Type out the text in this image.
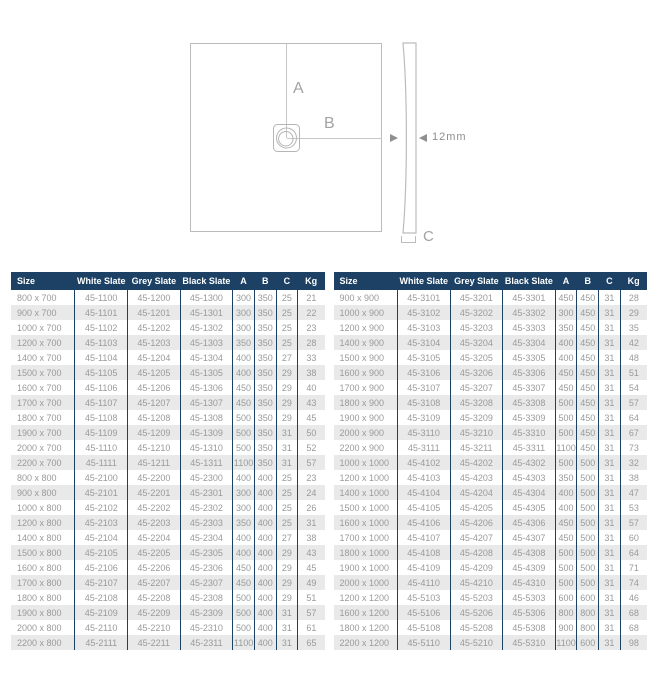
A
B
12mm
C
Size	White Slate	Grey Slate	Black Slate	A	B	C	Kg
800 x 700	45-1100	45-1200	45-1300	300	350	25	21
900 x 700	45-1101	45-1201	45-1301	300	350	25	22
1000 x 700	45-1102	45-1202	45-1302	300	350	25	23
1200 x 700	45-1103	45-1203	45-1303	350	350	25	28
1400 x 700	45-1104	45-1204	45-1304	400	350	27	33
1500 x 700	45-1105	45-1205	45-1305	400	350	29	38
1600 x 700	45-1106	45-1206	45-1306	450	350	29	40
1700 x 700	45-1107	45-1207	45-1307	450	350	29	43
1800 x 700	45-1108	45-1208	45-1308	500	350	29	45
1900 x 700	45-1109	45-1209	45-1309	500	350	31	50
2000 x 700	45-1110	45-1210	45-1310	500	350	31	52
2200 x 700	45-1111	45-1211	45-1311	1100	350	31	57
800 x 800	45-2100	45-2200	45-2300	400	400	25	23
900 x 800	45-2101	45-2201	45-2301	300	400	25	24
1000 x 800	45-2102	45-2202	45-2302	300	400	25	26
1200 x 800	45-2103	45-2203	45-2303	350	400	25	31
1400 x 800	45-2104	45-2204	45-2304	400	400	27	38
1500 x 800	45-2105	45-2205	45-2305	400	400	29	43
1600 x 800	45-2106	45-2206	45-2306	450	400	29	45
1700 x 800	45-2107	45-2207	45-2307	450	400	29	49
1800 x 800	45-2108	45-2208	45-2308	500	400	29	51
1900 x 800	45-2109	45-2209	45-2309	500	400	31	57
2000 x 800	45-2110	45-2210	45-2310	500	400	31	61
2200 x 800	45-2111	45-2211	45-2311	1100	400	31	65
Size	White Slate	Grey Slate	Black Slate	A	B	C	Kg
900 x 900	45-3101	45-3201	45-3301	450	450	31	28
1000 x 900	45-3102	45-3202	45-3302	300	450	31	29
1200 x 900	45-3103	45-3203	45-3303	350	450	31	35
1400 x 900	45-3104	45-3204	45-3304	400	450	31	42
1500 x 900	45-3105	45-3205	45-3305	400	450	31	48
1600 x 900	45-3106	45-3206	45-3306	450	450	31	51
1700 x 900	45-3107	45-3207	45-3307	450	450	31	54
1800 x 900	45-3108	45-3208	45-3308	500	450	31	57
1900 x 900	45-3109	45-3209	45-3309	500	450	31	64
2000 x 900	45-3110	45-3210	45-3310	500	450	31	67
2200 x 900	45-3111	45-3211	45-3311	1100	450	31	73
1000 x 1000	45-4102	45-4202	45-4302	500	500	31	32
1200 x 1000	45-4103	45-4203	45-4303	350	500	31	38
1400 x 1000	45-4104	45-4204	45-4304	400	500	31	47
1500 x 1000	45-4105	45-4205	45-4305	400	500	31	53
1600 x 1000	45-4106	45-4206	45-4306	450	500	31	57
1700 x 1000	45-4107	45-4207	45-4307	450	500	31	60
1800 x 1000	45-4108	45-4208	45-4308	500	500	31	64
1900 x 1000	45-4109	45-4209	45-4309	500	500	31	71
2000 x 1000	45-4110	45-4210	45-4310	500	500	31	74
1200 x 1200	45-5103	45-5203	45-5303	600	600	31	46
1600 x 1200	45-5106	45-5206	45-5306	800	800	31	68
1800 x 1200	45-5108	45-5208	45-5308	900	800	31	68
2200 x 1200	45-5110	45-5210	45-5310	1100	600	31	98
